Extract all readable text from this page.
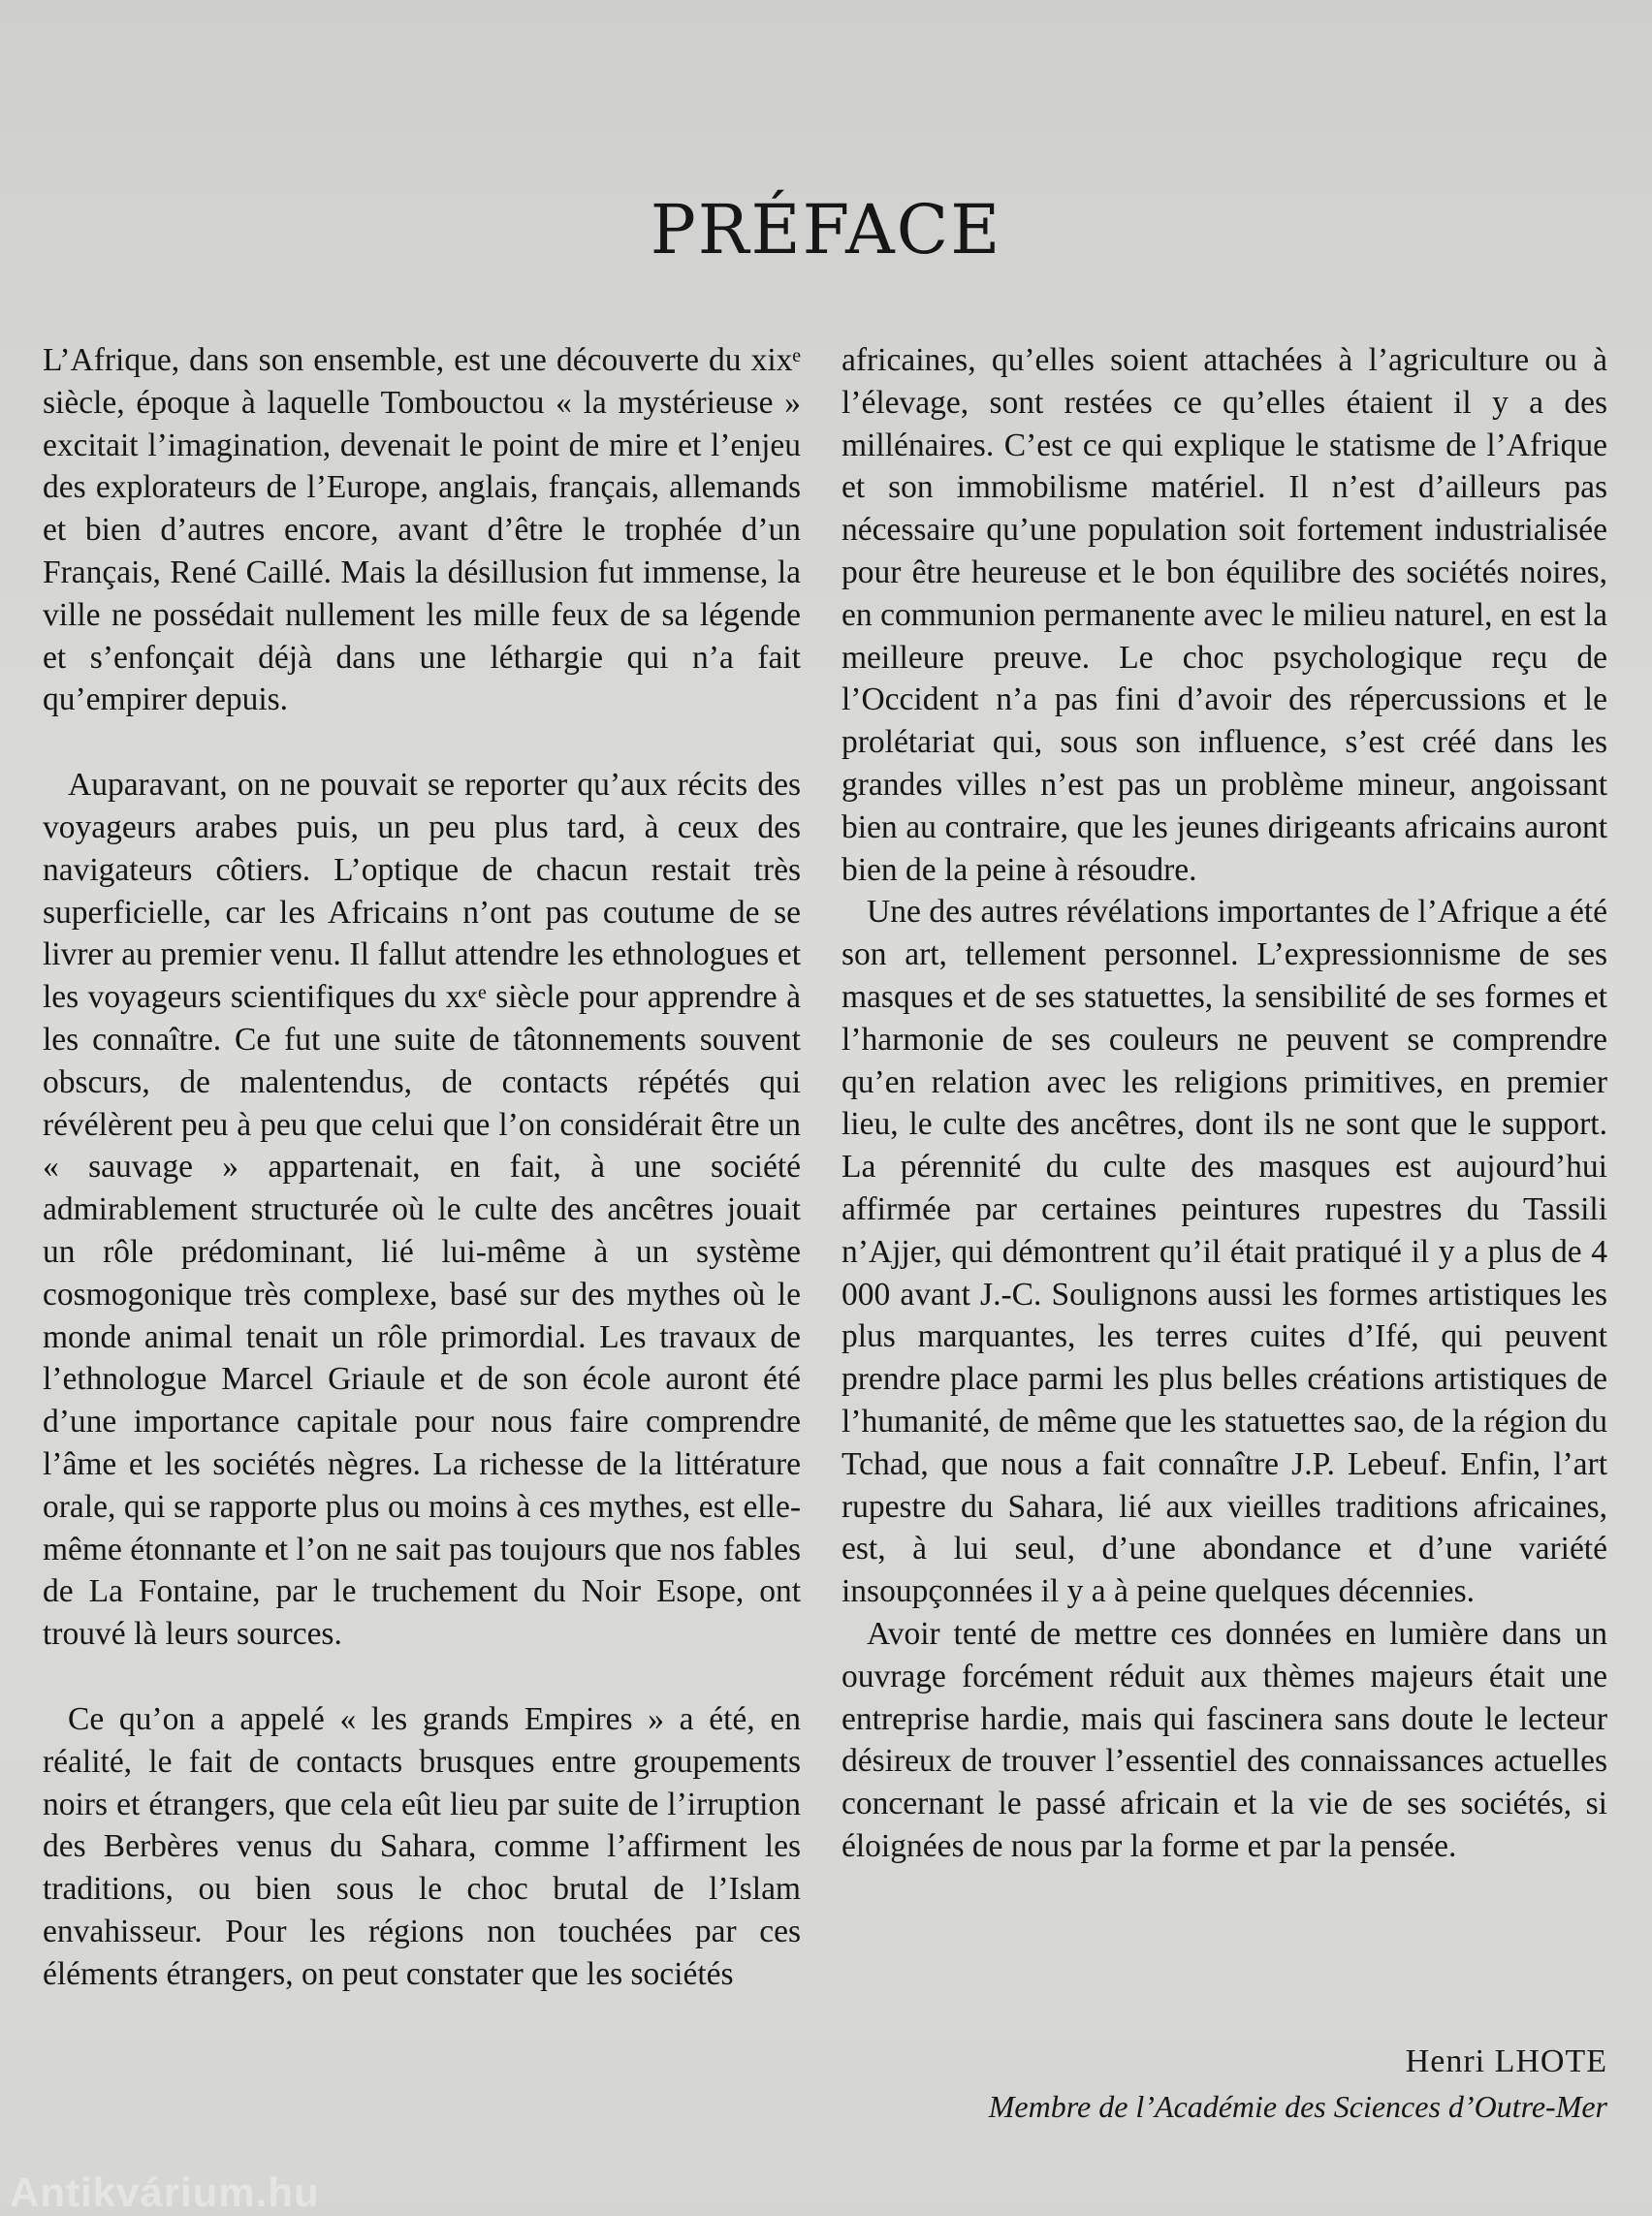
PRÉFACE

L’Afrique, dans son ensemble, est une découverte du xixᵉ siècle, époque à laquelle Tombouctou « la mystérieuse » excitait l’imagination, devenait le point de mire et l’enjeu des explorateurs de l’Europe, anglais, français, allemands et bien d’autres encore, avant d’être le trophée d’un Français, René Caillé. Mais la désillusion fut immense, la ville ne possédait nullement les mille feux de sa légende et s’enfonçait déjà dans une léthargie qui n’a fait qu’empirer depuis.

Auparavant, on ne pouvait se reporter qu’aux récits des voyageurs arabes puis, un peu plus tard, à ceux des navigateurs côtiers. L’optique de chacun restait très superficielle, car les Africains n’ont pas coutume de se livrer au premier venu. Il fallut attendre les ethnologues et les voyageurs scientifiques du xxᵉ siècle pour apprendre à les connaître. Ce fut une suite de tâtonnements souvent obscurs, de malentendus, de contacts répétés qui révélèrent peu à peu que celui que l’on considérait être un « sauvage » appartenait, en fait, à une société admirablement structurée où le culte des ancêtres jouait un rôle prédominant, lié lui-même à un système cosmogonique très complexe, basé sur des mythes où le monde animal tenait un rôle primordial. Les travaux de l’ethnologue Marcel Griaule et de son école auront été d’une importance capitale pour nous faire comprendre l’âme et les sociétés nègres. La richesse de la littérature orale, qui se rapporte plus ou moins à ces mythes, est elle-même étonnante et l’on ne sait pas toujours que nos fables de La Fontaine, par le truchement du Noir Esope, ont trouvé là leurs sources.

Ce qu’on a appelé « les grands Empires » a été, en réalité, le fait de contacts brusques entre groupements noirs et étrangers, que cela eût lieu par suite de l’irruption des Berbères venus du Sahara, comme l’affirment les traditions, ou bien sous le choc brutal de l’Islam envahisseur. Pour les régions non touchées par ces éléments étrangers, on peut constater que les sociétés

africaines, qu’elles soient attachées à l’agriculture ou à l’élevage, sont restées ce qu’elles étaient il y a des millénaires. C’est ce qui explique le statisme de l’Afrique et son immobilisme matériel. Il n’est d’ailleurs pas nécessaire qu’une population soit fortement industrialisée pour être heureuse et le bon équilibre des sociétés noires, en communion permanente avec le milieu naturel, en est la meilleure preuve. Le choc psychologique reçu de l’Occident n’a pas fini d’avoir des répercussions et le prolétariat qui, sous son influence, s’est créé dans les grandes villes n’est pas un problème mineur, angoissant bien au contraire, que les jeunes dirigeants africains auront bien de la peine à résoudre.

Une des autres révélations importantes de l’Afrique a été son art, tellement personnel. L’expressionnisme de ses masques et de ses statuettes, la sensibilité de ses formes et l’harmonie de ses couleurs ne peuvent se comprendre qu’en relation avec les religions primitives, en premier lieu, le culte des ancêtres, dont ils ne sont que le support. La pérennité du culte des masques est aujourd’hui affirmée par certaines peintures rupestres du Tassili n’Ajjer, qui démontrent qu’il était pratiqué il y a plus de 4 000 avant J.-C. Soulignons aussi les formes artistiques les plus marquantes, les terres cuites d’Ifé, qui peuvent prendre place parmi les plus belles créations artistiques de l’humanité, de même que les statuettes sao, de la région du Tchad, que nous a fait connaître J.P. Lebeuf. Enfin, l’art rupestre du Sahara, lié aux vieilles traditions africaines, est, à lui seul, d’une abondance et d’une variété insoupçonnées il y a à peine quelques décennies.

Avoir tenté de mettre ces données en lumière dans un ouvrage forcément réduit aux thèmes majeurs était une entreprise hardie, mais qui fascinera sans doute le lecteur désireux de trouver l’essentiel des connaissances actuelles concernant le passé africain et la vie de ses sociétés, si éloignées de nous par la forme et par la pensée.

Henri LHOTE
Membre de l’Académie des Sciences d’Outre-Mer
Antikvárium.hu
